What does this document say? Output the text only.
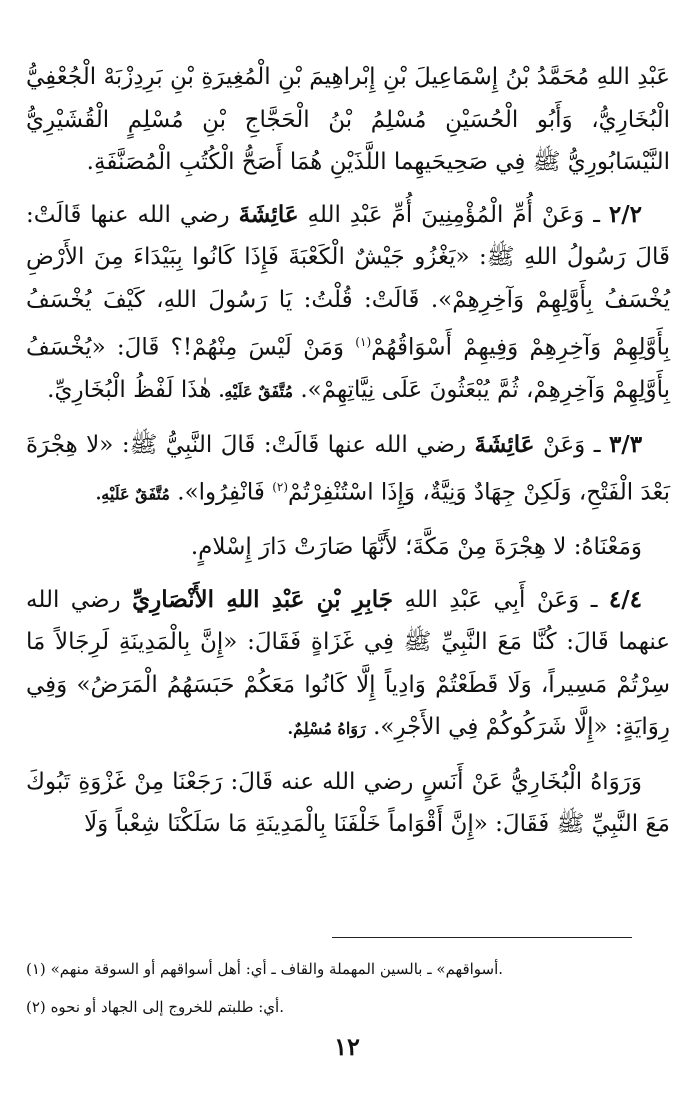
عَبْدِ اللهِ مُحَمَّدُ بْنُ إِسْمَاعِيلَ بْنِ إِبْراهِيمَ بْنِ الْمُغِيرَةِ بْنِ بَرِدِزْبَهْ الْجُعْفِيُّ الْبُخَارِيُّ، وَأَبُو الْحُسَيْنِ مُسْلِمُ بْنُ الْحَجَّاجِ بْنِ مُسْلِمٍ الْقُشَيْرِيُّ النَّيْسَابُورِيُّ ﷺ فِي صَحِيحَيهِما اللَّذَيْنِ هُمَا أَصَحُّ الْكُتُبِ الْمُصَنَّفَةِ.

٢/٢ ـ وَعَنْ أُمِّ الْمُؤْمِنِينَ أُمِّ عَبْدِ اللهِ عَائِشَةَ رضي الله عنها قَالَتْ: قَالَ رَسُولُ اللهِ ﷺ: «يَغْزُو جَيْشٌ الْكَعْبَةَ فَإِذَا كَانُوا بِبَيْدَاءَ مِنَ الأَرْضِ يُخْسَفُ بِأَوَّلِهِمْ وَآخِرِهِمْ». قَالَتْ: قُلْتُ: يَا رَسُولَ اللهِ، كَيْفَ يُخْسَفُ بِأَوَّلِهِمْ وَآخِرِهِمْ وَفِيهِمْ أَسْوَاقُهُمْ$^{(١)}$ وَمَنْ لَيْسَ مِنْهُمْ!؟ قَالَ: «يُخْسَفُ بِأَوَّلِهِمْ وَآخِرِهِمْ، ثُمَّ يُبْعَثُونَ عَلَى نِيَّاتِهِمْ». مُتَّفَقٌ عَلَيْهِ. هٰذَا لَفْظُ الْبُخَارِيِّ.

٣/٣ ـ وَعَنْ عَائِشَةَ رضي الله عنها قَالَتْ: قَالَ النَّبِيُّ ﷺ: «لا هِجْرَةَ بَعْدَ الْفَتْحِ، وَلَكِنْ جِهَادٌ وَنِيَّةٌ، وَإِذَا اسْتُنْفِرْتُمْ$^{(٢)}$ فَانْفِرُوا». مُتَّفَقٌ عَلَيْهِ.

وَمَعْنَاهُ: لا هِجْرَةَ مِنْ مَكَّةَ؛ لأَنَّهَا صَارَتْ دَارَ إِسْلامٍ.

٤/٤ ـ وَعَنْ أَبِي عَبْدِ اللهِ جَابِرِ بْنِ عَبْدِ اللهِ الأَنْصَارِيِّ رضي الله عنهما قَالَ: كُنَّا مَعَ النَّبِيِّ ﷺ فِي غَزَاةٍ فَقَالَ: «إِنَّ بِالْمَدِينَةِ لَرِجَالاً مَا سِرْتُمْ مَسِيراً، وَلَا قَطَعْتُمْ وَادِياً إِلَّا كَانُوا مَعَكُمْ حَبَسَهُمُ الْمَرَضُ» وَفِي رِوَايَةٍ: «إِلَّا شَرَكُوكُمْ فِي الأَجْرِ». رَوَاهُ مُسْلِمٌ.

وَرَوَاهُ الْبُخَارِيُّ عَنْ أَنَسٍ رضي الله عنه قَالَ: رَجَعْنَا مِنْ غَزْوَةِ تَبُوكَ مَعَ النَّبِيِّ ﷺ فَقَالَ: «إِنَّ أَقْوَاماً خَلْفَنَا بِالْمَدِينَةِ مَا سَلَكْنَا شِعْباً وَلَا

(١) «أسواقهم» ـ بالسين المهملة والقاف ـ أي: أهل أسواقهم أو السوقة منهم.
(٢) أي: طلبتم للخروج إلى الجهاد أو نحوه.
١٢
